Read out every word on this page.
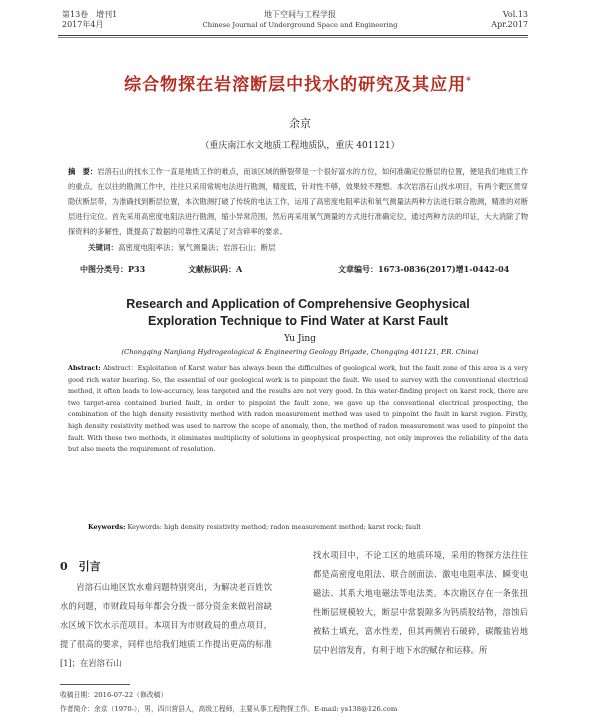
第13卷　增刊1
2017年4月
地下空间与工程学报
Chinese Journal of Underground Space and Engineering
Vol.13
Apr.2017
综合物探在岩溶断层中找水的研究及其应用*
余京
（重庆南江水文地质工程地质队，重庆 401121）
摘　要：岩溶石山的找水工作一直是地质工作的难点，而该区域的断裂带是一个很好富水的方位，如何准确定位断层的位置，便是我们地质工作的重点。在以往的勘测工作中，往往只采用常规电法进行勘测，精度低，针对性不够，效果较不理想。本次岩溶石山找水项目，有两个靶区贯穿隐伏断层带，为准确找到断层位置，本次勘测打破了传统的电法工作，运用了高密度电阻率法和氡气测量法两种方法进行联合勘测，精准的对断层进行定位。首先采用高密度电阻法进行勘测，缩小异常范围，然后再采用氡气测量的方式进行准确定位，通过两种方法的印证，大大消除了物探资料的多解性，既提高了数据的可靠性又满足了对含碎率的要求。
关键词：高密度电阻率法；氡气测量法；岩溶石山；断层
中图分类号：P33	文献标识码：A	文章编号：1673-0836(2017)增1-0442-04
Research and Application of Comprehensive Geophysical
Exploration Technique to Find Water at Karst Fault
Yu Jing
(Chongqing Nanjiang Hydrogeological & Engineering Geology Brigade, Chongqing 401121, P.R. China)
Abstract: Abstract：Exploitation of Karst water has always been the difficulties of geological work, but the fault zone of this area is a very good rich water bearing. So, the essential of our geological work is to pinpoint the fault. We used to survey with the conventional electrical method, it often leads to low-accuracy, less targeted and the results are not very good. In this water-finding project on karst rock, there are two target-area contained buried fault, in order to pinpoint the fault zone, we gave up the conventional electrical prospecting, the combination of the high density resistivity method with radon measurement method was used to pinpoint the fault in karst region. Firstly, high density resistivity method was used to narrow the scope of anomaly, then, the method of radon measurement was used to pinpoint the fault. With these two methods, it eliminates multiplicity of solutions in geophysical prospecting, not only improves the reliability of the data but also meets the requirement of resolution.
Keywords: Keywords: high density resistivity method; radon measurement method; karst rock; fault
0　引言
岩溶石山地区饮水难问题特别突出，为解决老百姓饮水的问题，市财政局每年都会分拨一部分资金来做岩溶缺水区域下饮水示范项目。本项目为市财政局的重点项目，提了很高的要求，同样也给我们地质工作提出更高的标准 [1]；在岩溶石山
找水项目中，不论工区的地质环境，采用的物探方法往往都是高密度电阻法、联合剖面法、激电电阻率法、瞬变电磁法、其系大地电磁法等电法类。本次勘区存在一条张扭性断层规模较大，断层中常裂隙多为钙质胶结物，溶蚀后被粘土填充，富水性差，但其两侧岩石破碎，碳酸盐岩地层中岩溶发育，有利于地下水的赋存和运移。所
收稿日期：2016-07-22（修改稿）
作者简介：余京（1970-），男，四川营县人，高级工程师，主要从事工程物探工作。E-mail: ys138@126.com
